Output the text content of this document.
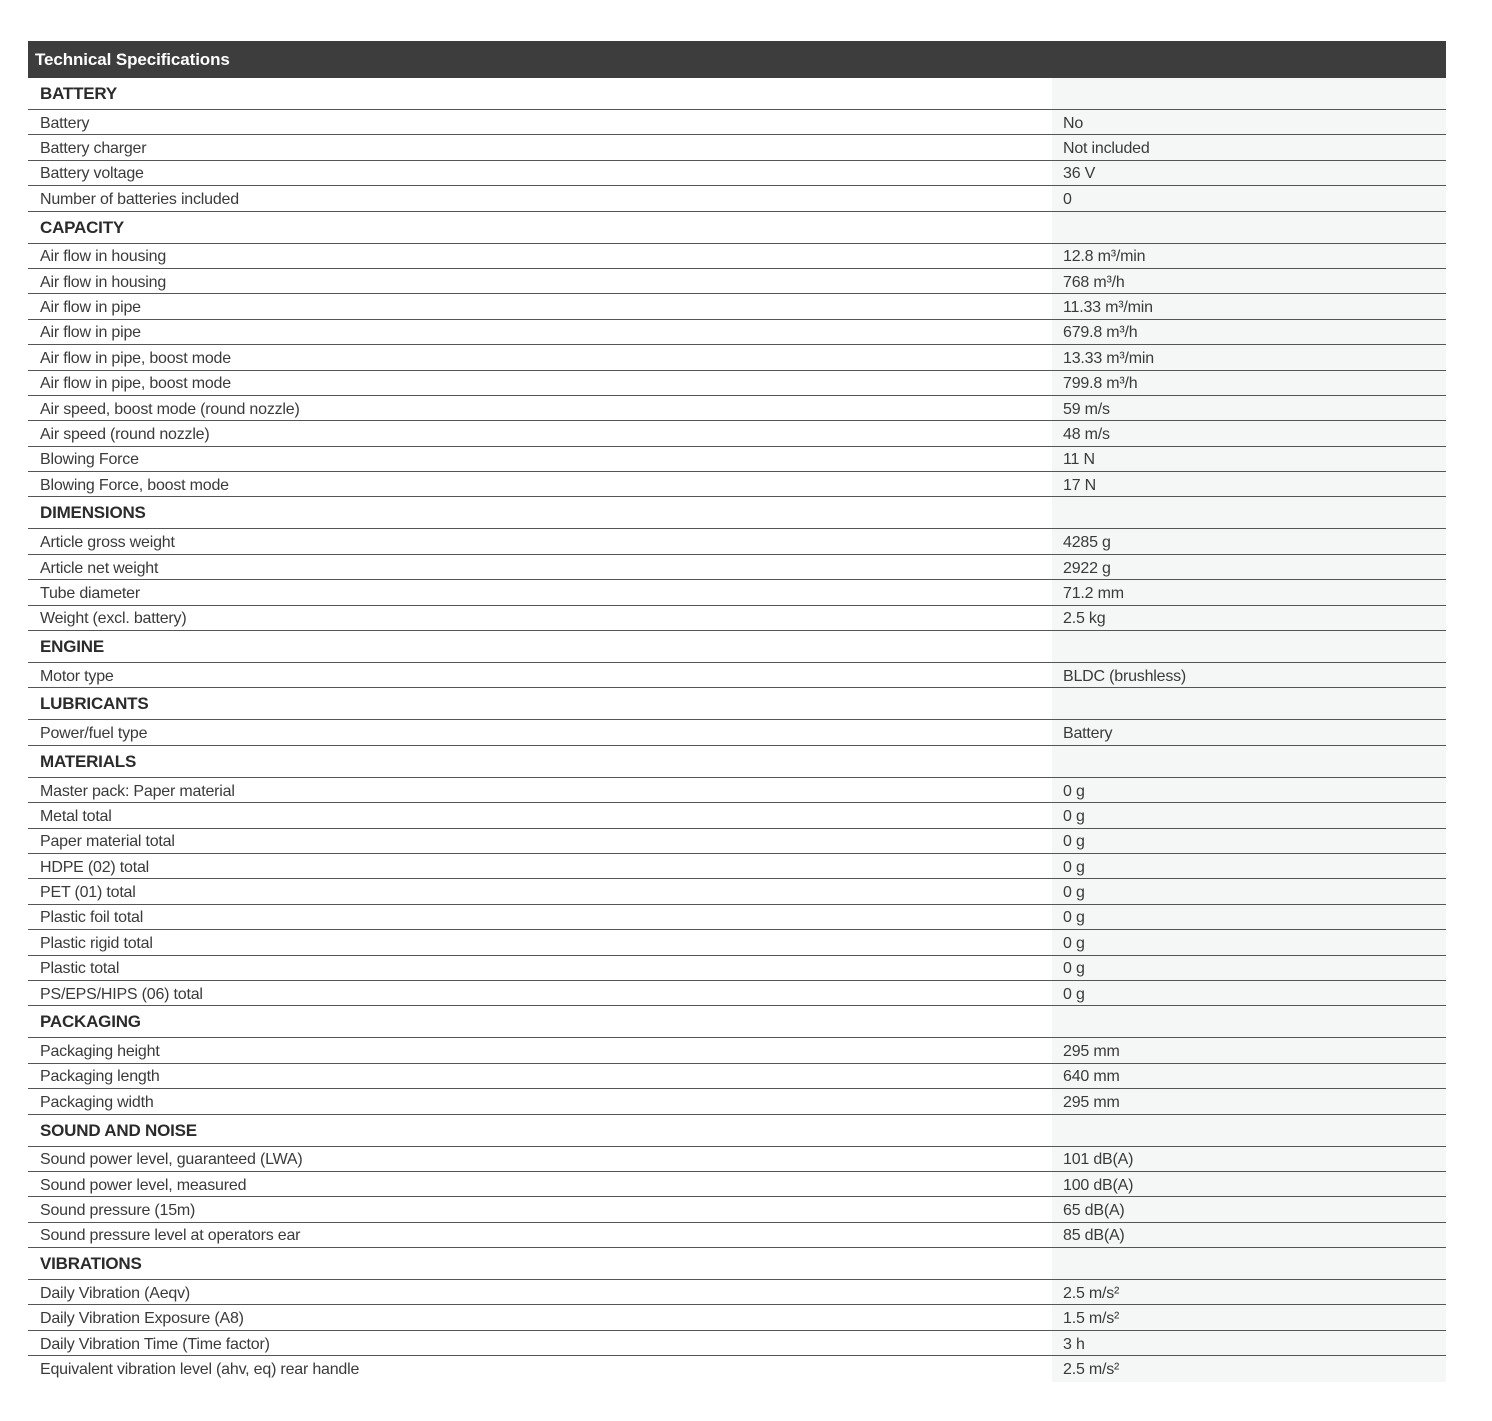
Technical Specifications
BATTERY
Battery	No
Battery charger	Not included
Battery voltage	36 V
Number of batteries included	0
CAPACITY
Air flow in housing	12.8 m³/min
Air flow in housing	768 m³/h
Air flow in pipe	11.33 m³/min
Air flow in pipe	679.8 m³/h
Air flow in pipe, boost mode	13.33 m³/min
Air flow in pipe, boost mode	799.8 m³/h
Air speed, boost mode (round nozzle)	59 m/s
Air speed (round nozzle)	48 m/s
Blowing Force	11 N
Blowing Force, boost mode	17 N
DIMENSIONS
Article gross weight	4285 g
Article net weight	2922 g
Tube diameter	71.2 mm
Weight (excl. battery)	2.5 kg
ENGINE
Motor type	BLDC (brushless)
LUBRICANTS
Power/fuel type	Battery
MATERIALS
Master pack: Paper material	0 g
Metal total	0 g
Paper material total	0 g
HDPE (02) total	0 g
PET (01) total	0 g
Plastic foil total	0 g
Plastic rigid total	0 g
Plastic total	0 g
PS/EPS/HIPS (06) total	0 g
PACKAGING
Packaging height	295 mm
Packaging length	640 mm
Packaging width	295 mm
SOUND AND NOISE
Sound power level, guaranteed (LWA)	101 dB(A)
Sound power level, measured	100 dB(A)
Sound pressure (15m)	65 dB(A)
Sound pressure level at operators ear	85 dB(A)
VIBRATIONS
Daily Vibration (Aeqv)	2.5 m/s²
Daily Vibration Exposure (A8)	1.5 m/s²
Daily Vibration Time (Time factor)	3 h
Equivalent vibration level (ahv, eq) rear handle	2.5 m/s²
